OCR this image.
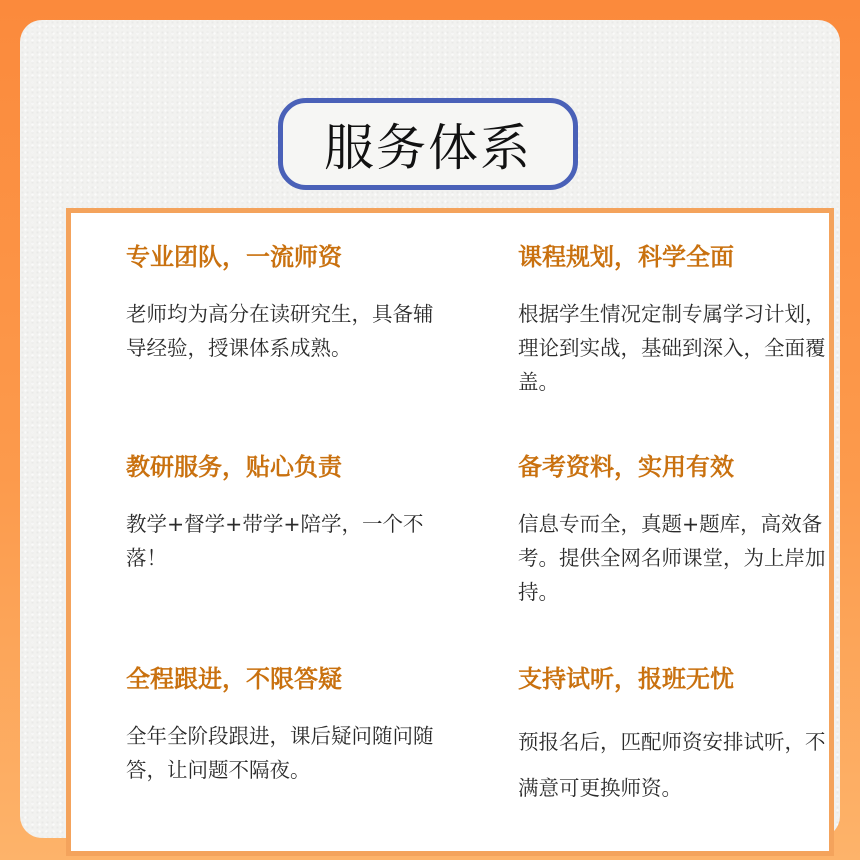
服务体系
专业团队，一流师资
老师均为高分在读研究生，具备辅导经验，授课体系成熟。
课程规划，科学全面
根据学生情况定制专属学习计划，理论到实战，基础到深入，全面覆盖。
教研服务，贴心负责
教学+督学+带学+陪学，一个不落！
备考资料，实用有效
信息专而全，真题+题库，高效备考。提供全网名师课堂，为上岸加持。
全程跟进，不限答疑
全年全阶段跟进，课后疑问随问随答，让问题不隔夜。
支持试听，报班无忧
预报名后，匹配师资安排试听，不满意可更换师资。
